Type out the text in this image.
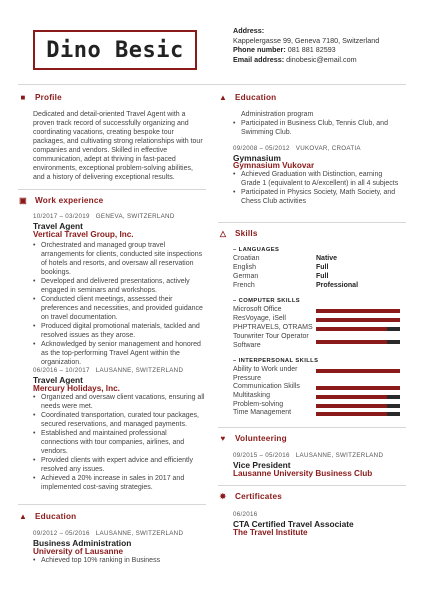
Dino Besic
Address:
Kappelergasse 99, Geneva 7180, Switzerland
Phone number: 081 881 82593
Email address: dinobesic@email.com
■	Profile
Dedicated and detail-oriented Travel Agent with a proven track record of successfully organizing and coordinating vacations, creating bespoke tour packages, and cultivating strong relationships with tour companies and vendors. Skilled in effective communication, adept at thriving in fast-paced environments, exceptional problem-solving abilities, and a history of delivering exceptional results.
▣ Work experience
10/2017 – 03/2019 GENEVA, SWITZERLAND
Travel Agent
Vertical Travel Group, Inc.
• Orchestrated and managed group travel arrangements for clients, conducted site inspections of hotels and resorts, and oversaw all reservation bookings.
• Developed and delivered presentations, actively engaged in seminars and workshops.
• Conducted client meetings, assessed their preferences and necessities, and provided guidance on travel documentation.
• Produced digital promotional materials, tackled and resolved issues as they arose.
• Acknowledged by senior management and honored as the top-performing Travel Agent within the organization.
06/2016 – 10/2017 LAUSANNE, SWITZERLAND
Travel Agent
Mercury Holidays, Inc.
• Organized and oversaw client vacations, ensuring all needs were met.
• Coordinated transportation, curated tour packages, secured reservations, and managed payments.
• Established and maintained professional connections with tour companies, airlines, and vendors.
• Provided clients with expert advice and efficiently resolved any issues.
• Achieved a 20% increase in sales in 2017 and implemented cost-saving strategies.
▲ Education
09/2012 – 05/2016 LAUSANNE, SWITZERLAND
Business Administration
University of Lausanne
• Achieved top 10% ranking in Business
▲ Education
Administration program
• Participated in Business Club, Tennis Club, and Swimming Club.
09/2008 – 05/2012 VUKOVAR, CROATIA
Gymnasium
Gymnasium Vukovar
• Achieved Graduation with Distinction, earning Grade 1 (equivalent to A/excellent) in all 4 subjects
• Participated in Physics Society, Math Society, and Chess Club activities
△ Skills
– LANGUAGES
Croatian	Native
English	Full
German	Full
French	Professional
– COMPUTER SKILLS
Microsoft Office
ResVoyage, iSell
PHPTRAVELS, OTRAMS
Tourwriter Tour Operator Software
– INTERPERSONAL SKILLS
Ability to Work under Pressure
Communication Skills
Multitasking
Problem-solving
Time Management
♥	Volunteering
09/2015 – 05/2016 LAUSANNE, SWITZERLAND
Vice President
Lausanne University Business Club
✸ Certificates
06/2016
CTA Certified Travel Associate
The Travel Institute
